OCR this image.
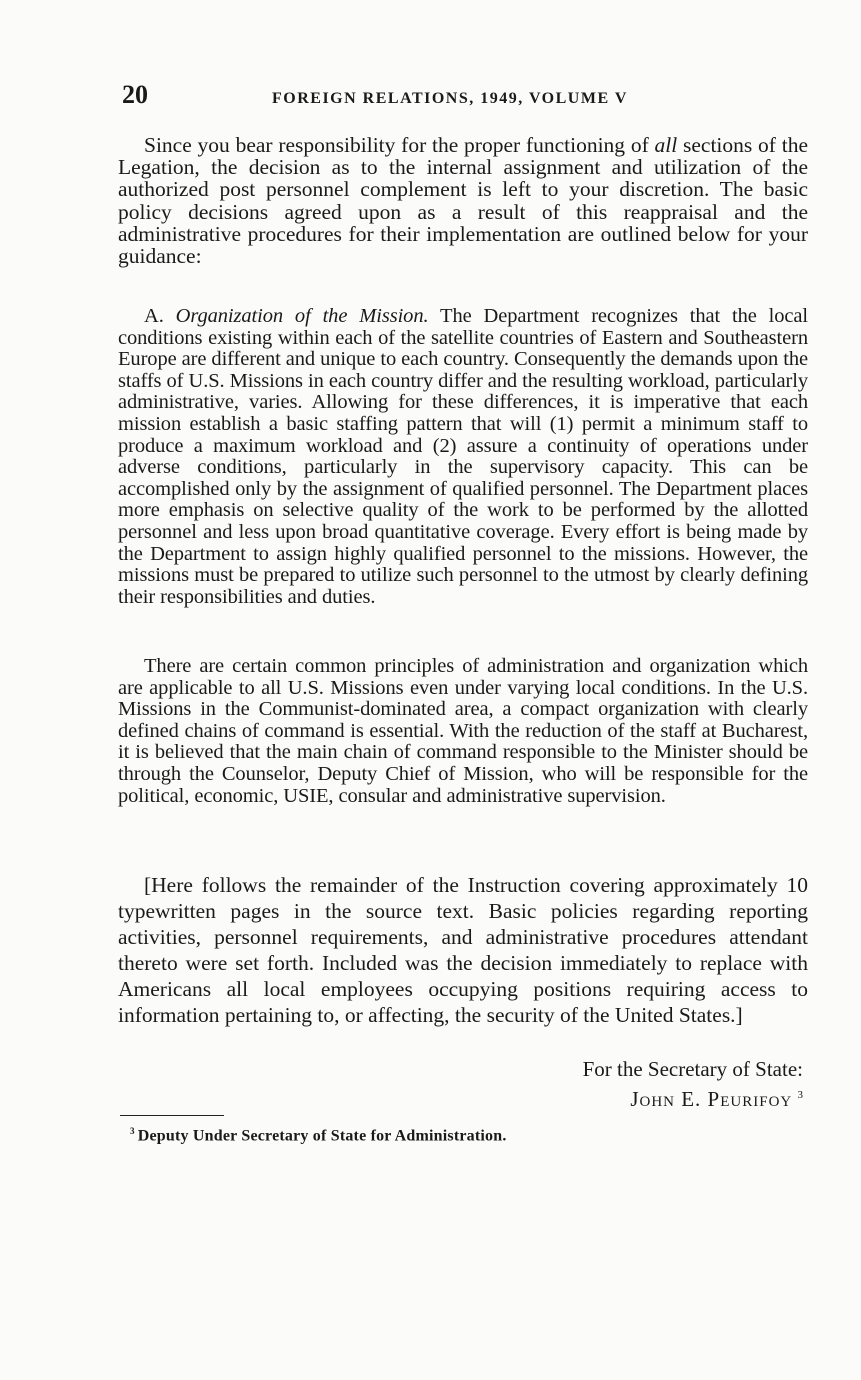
20	FOREIGN RELATIONS, 1949, VOLUME V
Since you bear responsibility for the proper functioning of all sections of the Legation, the decision as to the internal assignment and utilization of the authorized post personnel complement is left to your discretion. The basic policy decisions agreed upon as a result of this reappraisal and the administrative procedures for their implementation are outlined below for your guidance:
A. Organization of the Mission. The Department recognizes that the local conditions existing within each of the satellite countries of Eastern and Southeastern Europe are different and unique to each country. Consequently the demands upon the staffs of U.S. Missions in each country differ and the resulting workload, particularly administrative, varies. Allowing for these differences, it is imperative that each mission establish a basic staffing pattern that will (1) permit a minimum staff to produce a maximum workload and (2) assure a continuity of operations under adverse conditions, particularly in the supervisory capacity. This can be accomplished only by the assignment of qualified personnel. The Department places more emphasis on selective quality of the work to be performed by the allotted personnel and less upon broad quantitative coverage. Every effort is being made by the Department to assign highly qualified personnel to the missions. However, the missions must be prepared to utilize such personnel to the utmost by clearly defining their responsibilities and duties.
There are certain common principles of administration and organization which are applicable to all U.S. Missions even under varying local conditions. In the U.S. Missions in the Communist-dominated area, a compact organization with clearly defined chains of command is essential. With the reduction of the staff at Bucharest, it is believed that the main chain of command responsible to the Minister should be through the Counselor, Deputy Chief of Mission, who will be responsible for the political, economic, USIE, consular and administrative supervision.
[Here follows the remainder of the Instruction covering approximately 10 typewritten pages in the source text. Basic policies regarding reporting activities, personnel requirements, and administrative procedures attendant thereto were set forth. Included was the decision immediately to replace with Americans all local employees occupying positions requiring access to information pertaining to, or affecting, the security of the United States.]
For the Secretary of State:
John E. Peurifoy $^3$
$^3$ Deputy Under Secretary of State for Administration.
